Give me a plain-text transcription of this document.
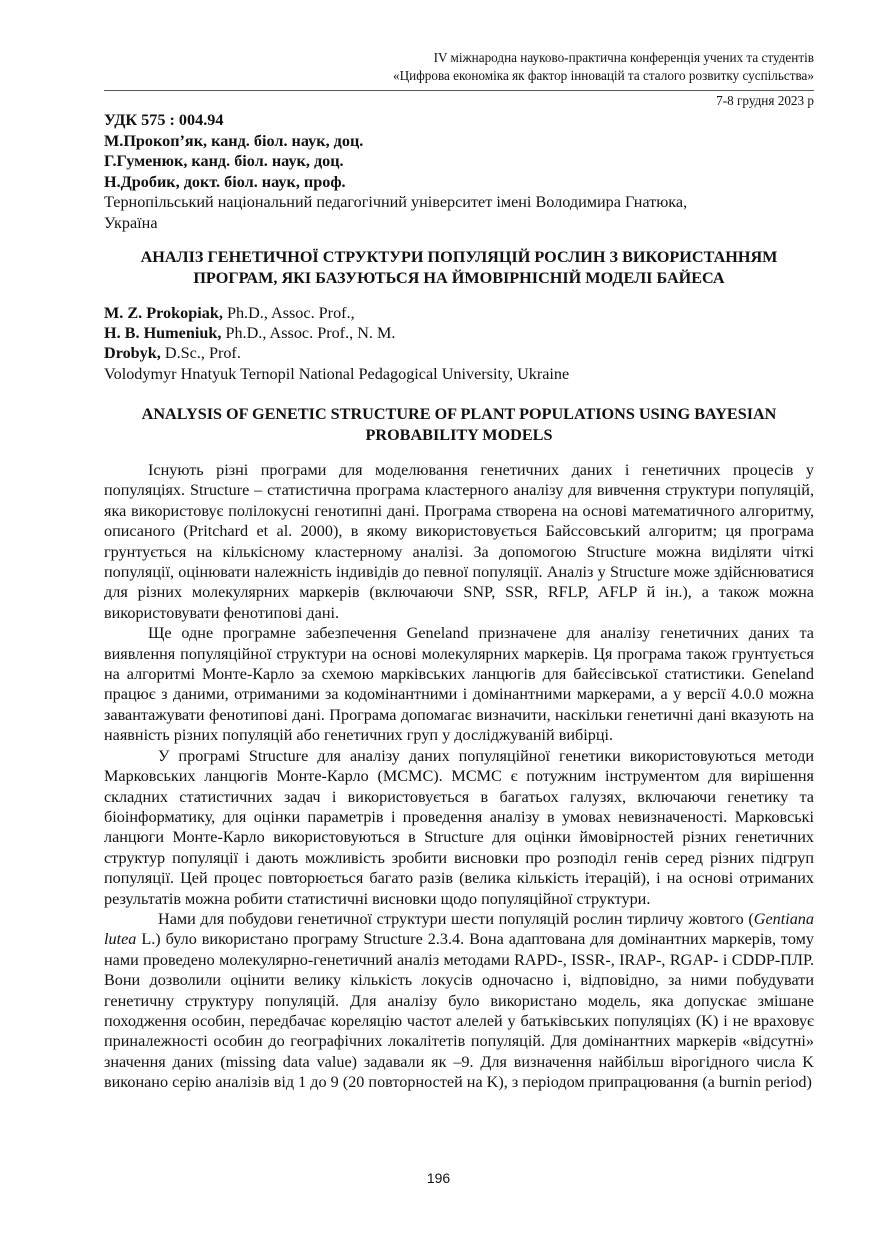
IV міжнародна науково-практична конференція учених та студентів
«Цифрова економіка як фактор інновацій та сталого розвитку суспільства»
7-8 грудня 2023 р
УДК 575 : 004.94
М.Прокоп’як, канд. біол. наук, доц.
Г.Гуменюк, канд. біол. наук, доц.
Н.Дробик, докт. біол. наук, проф.
Тернопільський національний педагогічний університет імені Володимира Гнатюка,
Україна
АНАЛІЗ ГЕНЕТИЧНОЇ СТРУКТУРИ ПОПУЛЯЦІЙ РОСЛИН З ВИКОРИСТАННЯМ
ПРОГРАМ, ЯКІ БАЗУЮТЬСЯ НА ЙМОВІРНІСНІЙ МОДЕЛІ БАЙЕСА
M. Z. Prokopiak, Ph.D., Assoc. Prof.,
H. B. Humeniuk, Ph.D., Assoc. Prof., N. M.
Drobyk, D.Sc., Prof.
Volodymyr Hnatyuk Ternopil National Pedagogical University, Ukraine
ANALYSIS OF GENETIC STRUCTURE OF PLANT POPULATIONS USING BAYESIAN
PROBABILITY MODELS

Існують різні програми для моделювання генетичних даних і генетичних процесів у популяціях. Structure – статистична програма кластерного аналізу для вивчення структури популяцій, яка використовує полілокусні генотипні дані. Програма створена на основі математичного алгоритму, описаного (Pritchard et al. 2000), в якому використовується Байссовський алгоритм; ця програма грунтується на кількісному кластерному аналізі. За допомогою Structure можна виділяти чіткі популяції, оцінювати належність індивідів до певної популяції. Аналіз у Structure може здійснюватися для різних молекулярних маркерів (включаючи SNP, SSR, RFLP, AFLP й ін.), а також можна використовувати фенотипові дані.

Ще одне програмне забезпечення Geneland призначене для аналізу генетичних даних та виявлення популяційної структури на основі молекулярних маркерів. Ця програма також грунтується на алгоритмі Монте-Карло за схемою марківських ланцюгів для байєсівської статистики. Geneland працює з даними, отриманими за кодомінантними і домінантними маркерами, а у версії 4.0.0 можна завантажувати фенотипові дані. Програма допомагає визначити, наскільки генетичні дані вказують на наявність різних популяцій або генетичних груп у досліджуваній вибірці.

У програмі Structure для аналізу даних популяційної генетики використовуються методи Марковських ланцюгів Монте-Карло (MCMC). MCMC є потужним інструментом для вирішення складних статистичних задач і використовується в багатьох галузях, включаючи генетику та біоінформатику, для оцінки параметрів і проведення аналізу в умовах невизначеності. Марковські ланцюги Монте-Карло використовуються в Structure для оцінки ймовірностей різних генетичних структур популяції і дають можливість зробити висновки про розподіл генів серед різних підгруп популяції. Цей процес повторюється багато разів (велика кількість ітерацій), і на основі отриманих результатів можна робити статистичні висновки щодо популяційної структури.

Нами для побудови генетичної структури шести популяцій рослин тирличу жовтого (Gentiana lutea L.) було використано програму Structure 2.3.4. Вона адаптована для домінантних маркерів, тому нами проведено молекулярно-генетичний аналіз методами RAPD-, ISSR-, IRAP-, RGAP- і CDDP-ПЛР. Вони дозволили оцінити велику кількість локусів одночасно і, відповідно, за ними побудувати генетичну структуру популяцій. Для аналізу було використано модель, яка допускає змішане походження особин, передбачає кореляцію частот алелей у батьківських популяціях (K) і не враховує приналежності особин до географічних локалітетів популяцій. Для домінантних маркерів «відсутні» значення даних (missing data value) задавали як –9. Для визначення найбільш вірогідного числа K виконано серію аналізів від 1 до 9 (20 повторностей на K), з періодом припрацювання (a burnin period)

196
